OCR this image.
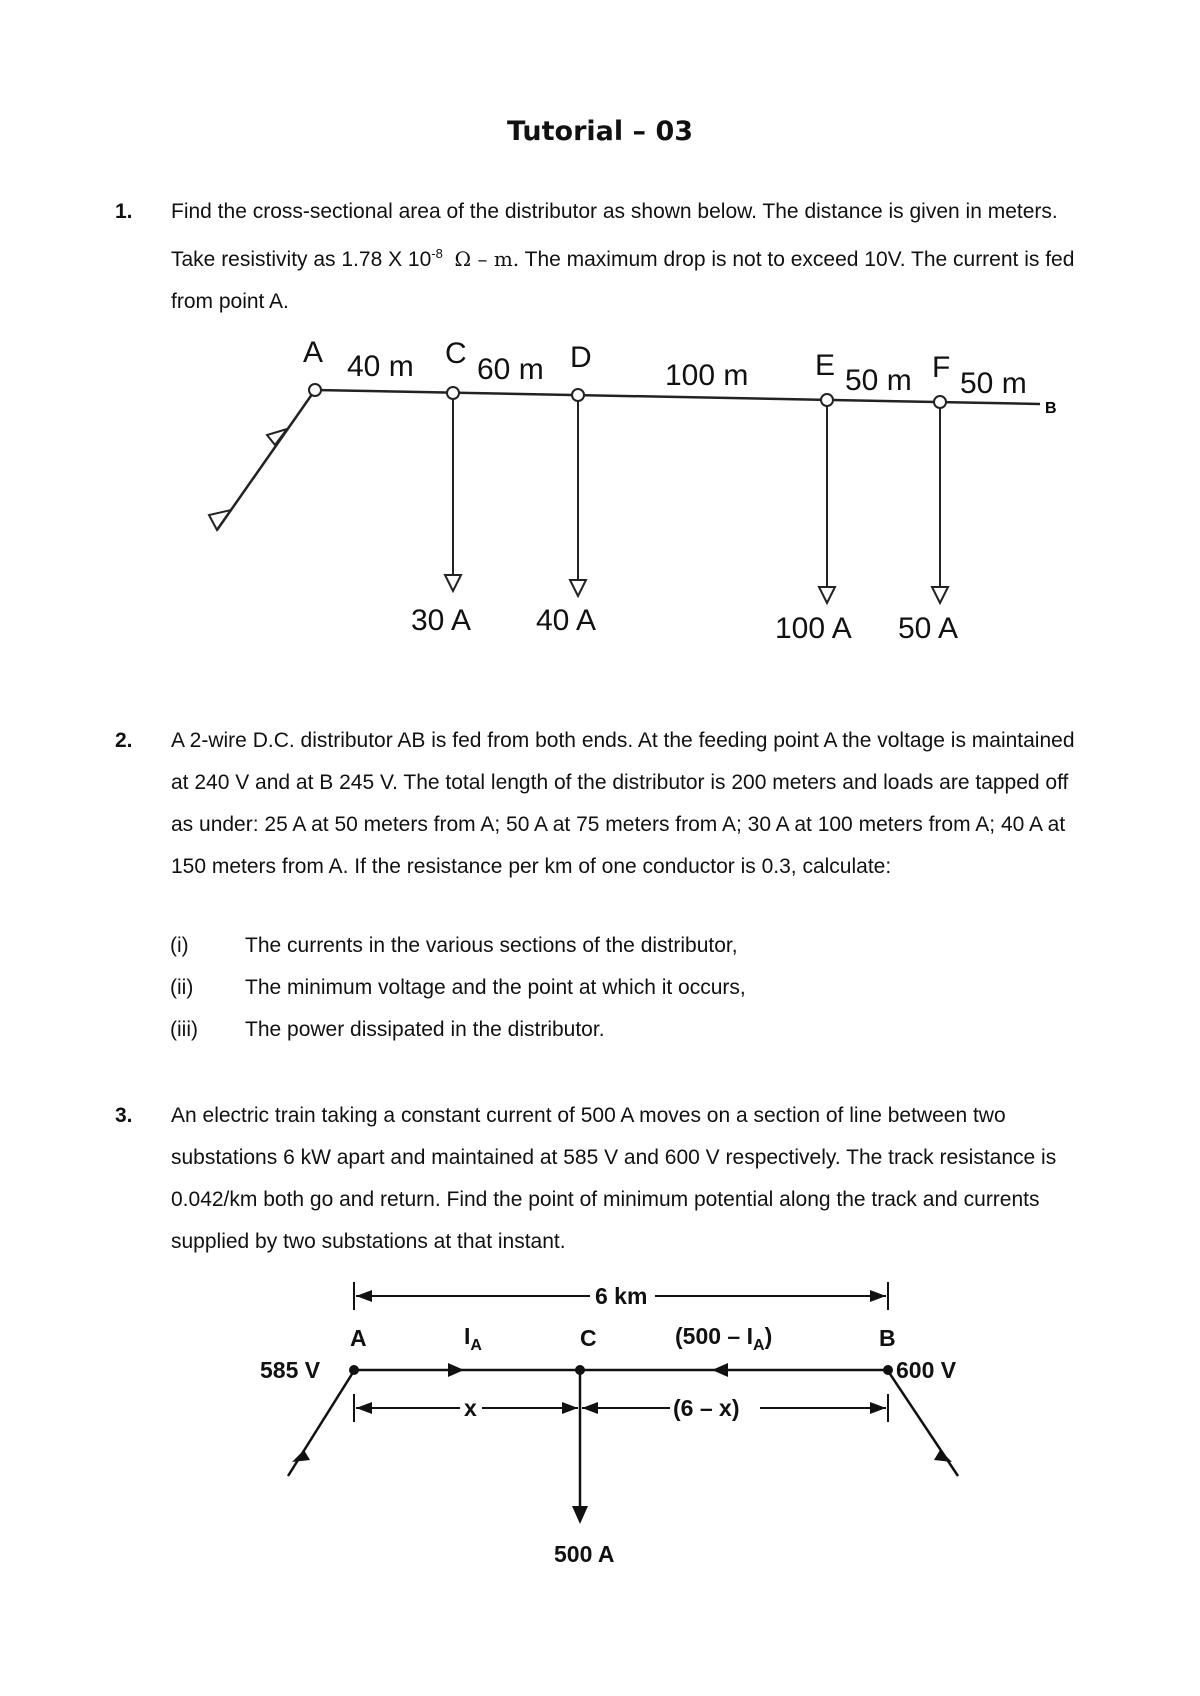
Tutorial – 03
1. Find the cross-sectional area of the distributor as shown below. The distance is given in meters. Take resistivity as 1.78 X $10^{-8}$ Ω – m. The maximum drop is not to exceed 10V. The current is fed from point A.
A	C	D	E	F
B
40 m 60 m	100 m	50 m 50 m
30 A 40 A	100 A 50 A
2. A 2-wire D.C. distributor AB is fed from both ends. At the feeding point A the voltage is maintained at 240 V and at B 245 V. The total length of the distributor is 200 meters and loads are tapped off as under: 25 A at 50 meters from A; 50 A at 75 meters from A; 30 A at 100 meters from A; 40 A at 150 meters from A. If the resistance per km of one conductor is 0.3, calculate:
(i)	The currents in the various sections of the distributor,
(ii) The minimum voltage and the point at which it occurs,
(iii) The power dissipated in the distributor.
3. An electric train taking a constant current of 500 A moves on a section of line between two substations 6 kW apart and maintained at 585 V and 600 V respectively. The track resistance is 0.042/km both go and return. Find the point of minimum potential along the track and currents supplied by two substations at that instant.
6 km
A	C	B
$I_A$	$(500 - I_A)$
585 V	600 V
x	(6 – x)
500 A
